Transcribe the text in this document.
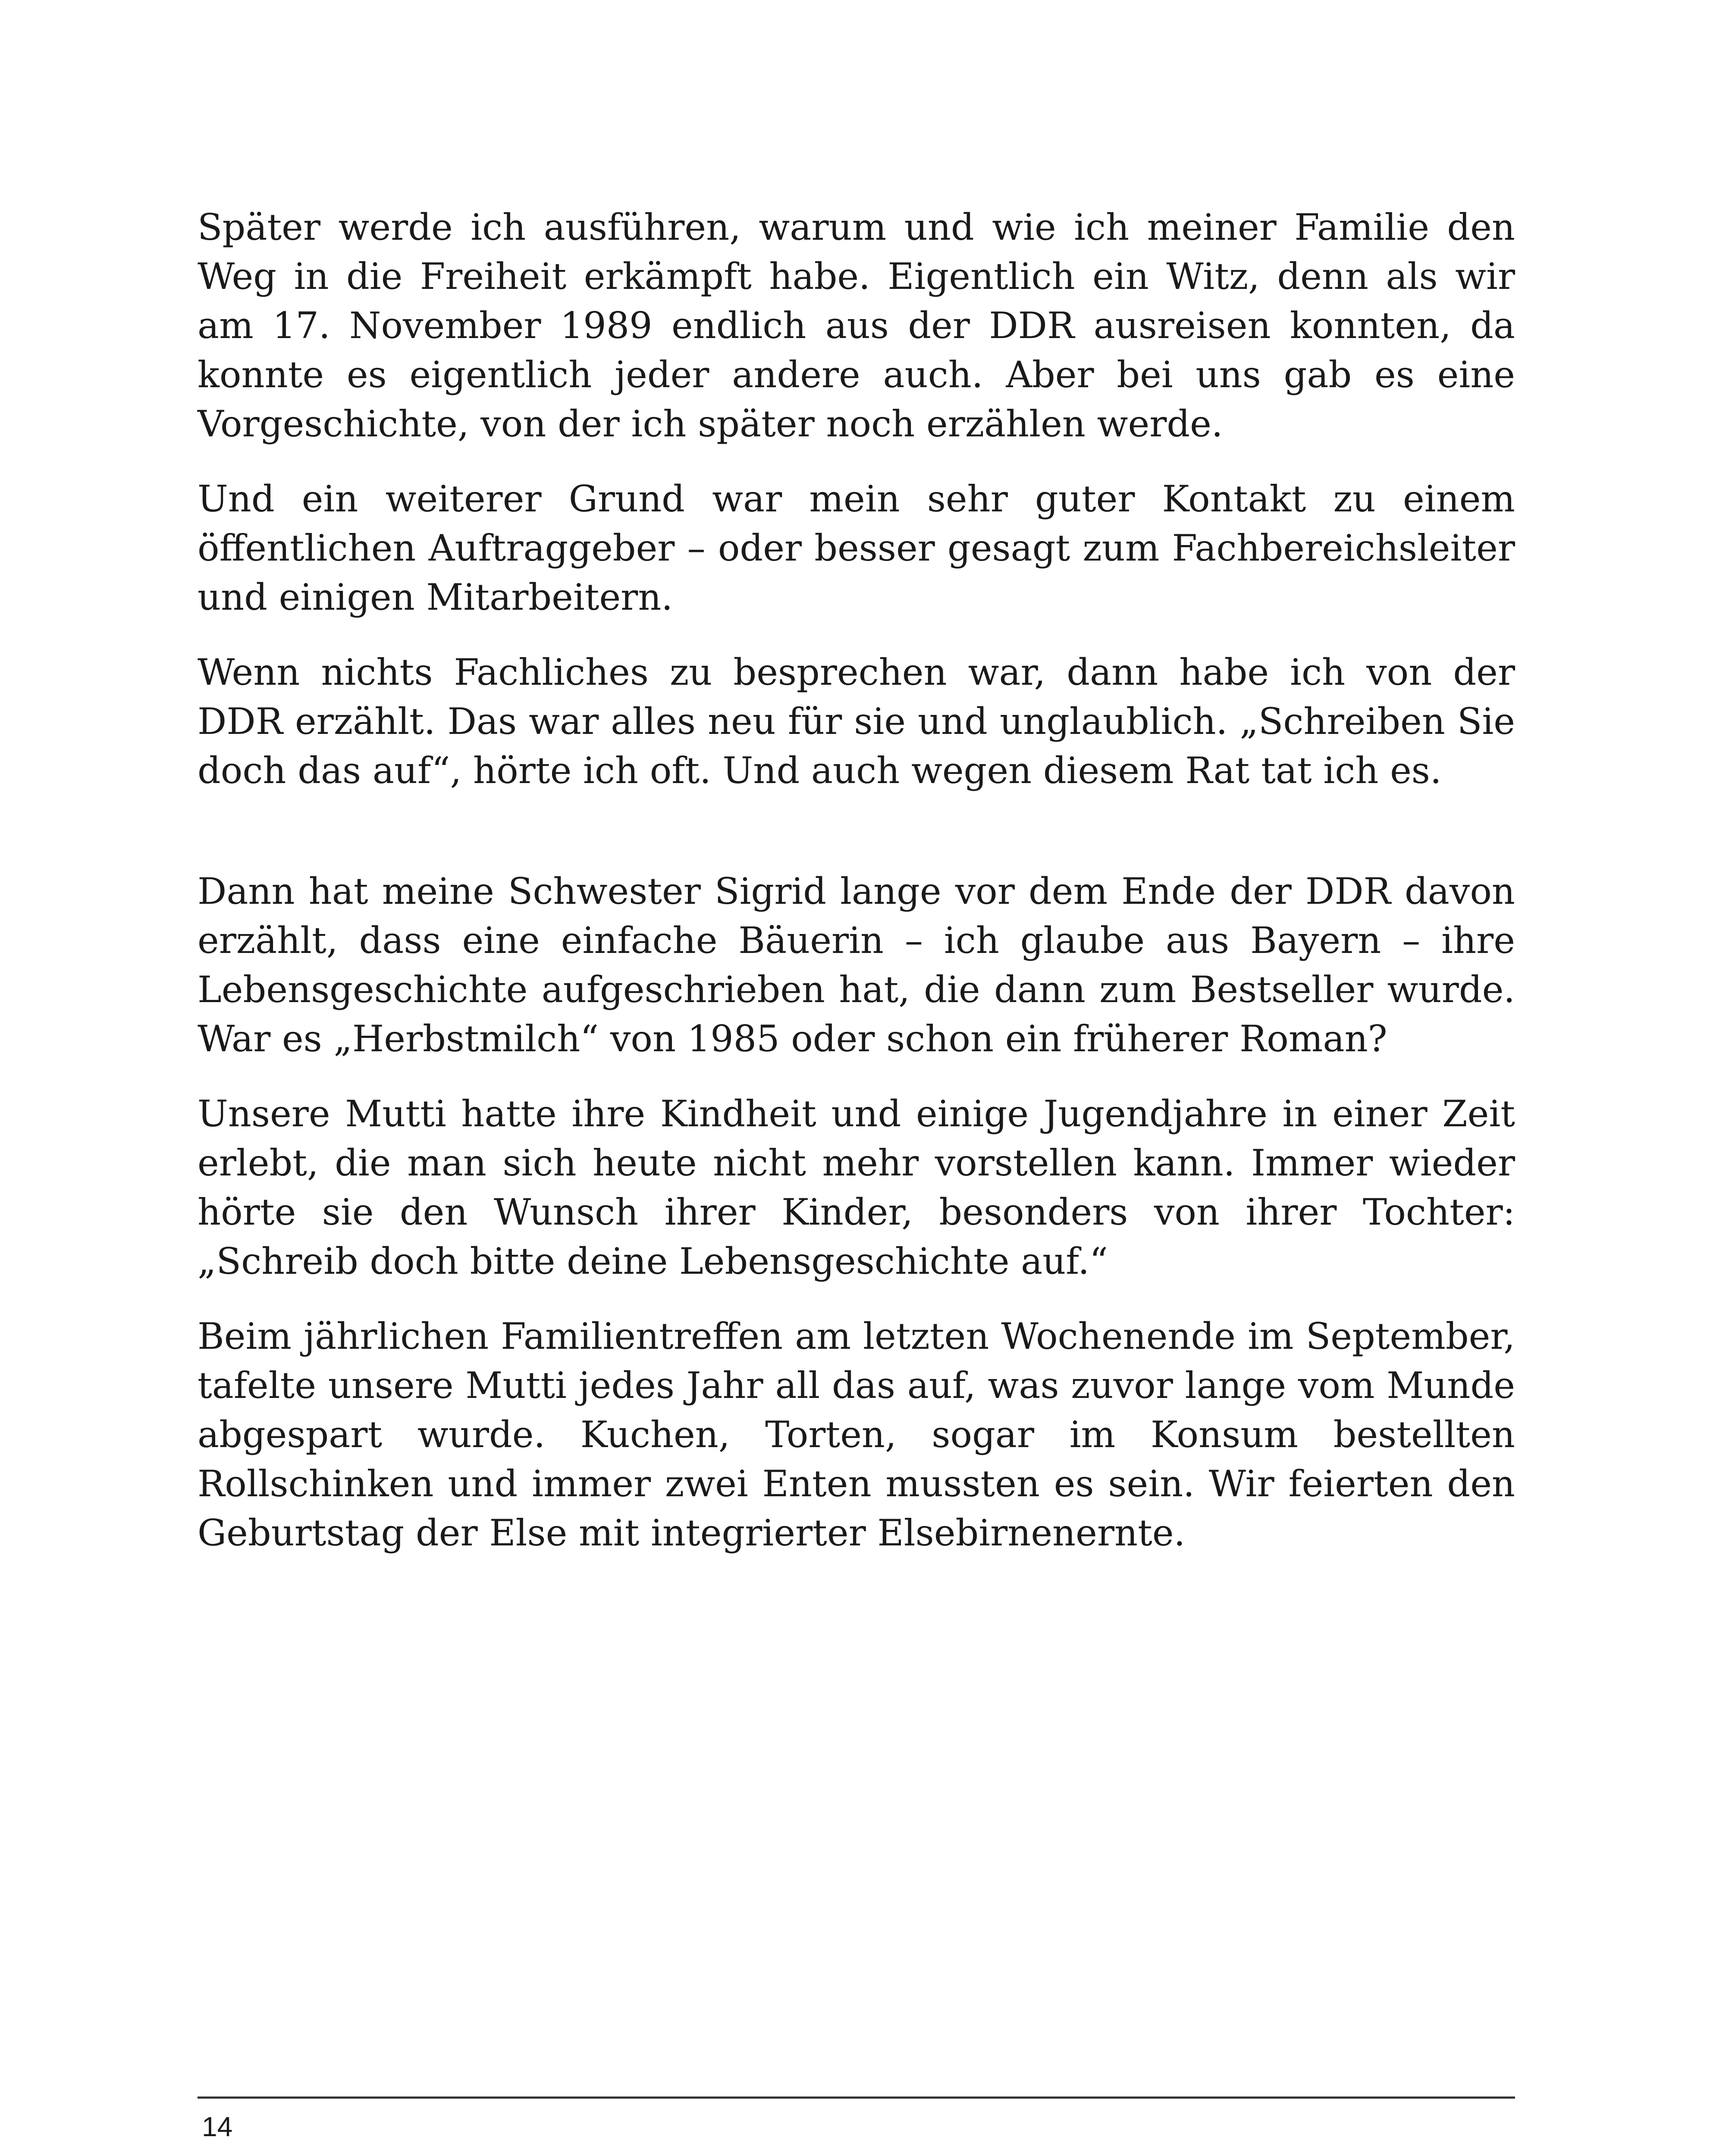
Später werde ich ausführen, warum und wie ich meiner Familie den Weg in die Freiheit erkämpft habe. Eigentlich ein Witz, denn als wir am 17. November 1989 endlich aus der DDR ausreisen konnten, da konnte es eigentlich jeder andere auch. Aber bei uns gab es eine Vorgeschichte, von der ich später noch erzählen werde.

Und ein weiterer Grund war mein sehr guter Kontakt zu einem öffentlichen Auftraggeber – oder besser gesagt zum Fachbereichsleiter und einigen Mitarbeitern.

Wenn nichts Fachliches zu besprechen war, dann habe ich von der DDR erzählt. Das war alles neu für sie und unglaublich. „Schreiben Sie doch das auf“, hörte ich oft. Und auch wegen diesem Rat tat ich es.

Dann hat meine Schwester Sigrid lange vor dem Ende der DDR davon erzählt, dass eine einfache Bäuerin – ich glaube aus Bayern – ihre Lebensgeschichte aufgeschrieben hat, die dann zum Bestseller wurde. War es „Herbstmilch“ von 1985 oder schon ein früherer Roman?

Unsere Mutti hatte ihre Kindheit und einige Jugendjahre in einer Zeit erlebt, die man sich heute nicht mehr vorstellen kann. Immer wieder hörte sie den Wunsch ihrer Kinder, besonders von ihrer Tochter: „Schreib doch bitte deine Lebensgeschichte auf.“

Beim jährlichen Familientreffen am letzten Wochenende im September, tafelte unsere Mutti jedes Jahr all das auf, was zuvor lange vom Munde abgespart wurde. Kuchen, Torten, sogar im Konsum bestellten Rollschinken und immer zwei Enten mussten es sein. Wir feierten den Geburtstag der Else mit integrierter Elsebirnenernte.

14
